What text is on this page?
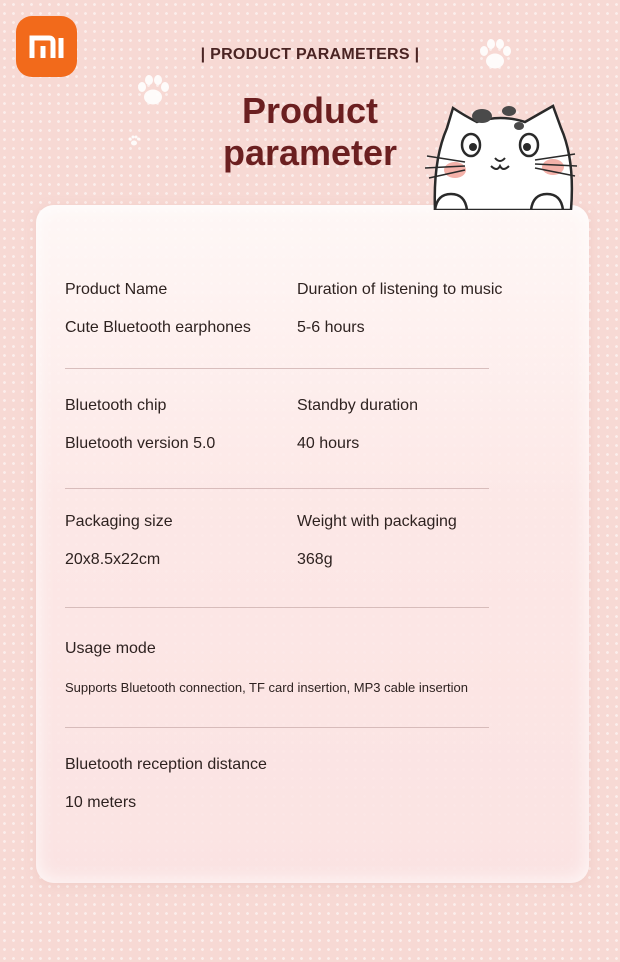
| PRODUCT PARAMETERS |
Product parameter
Product Name
Cute Bluetooth earphones
Duration of listening to music
5-6 hours
Bluetooth chip
Bluetooth version 5.0
Standby duration
40 hours
Packaging size
20x8.5x22cm
Weight with packaging
368g
Usage mode
Supports Bluetooth connection, TF card insertion, MP3 cable insertion
Bluetooth reception distance
10 meters
